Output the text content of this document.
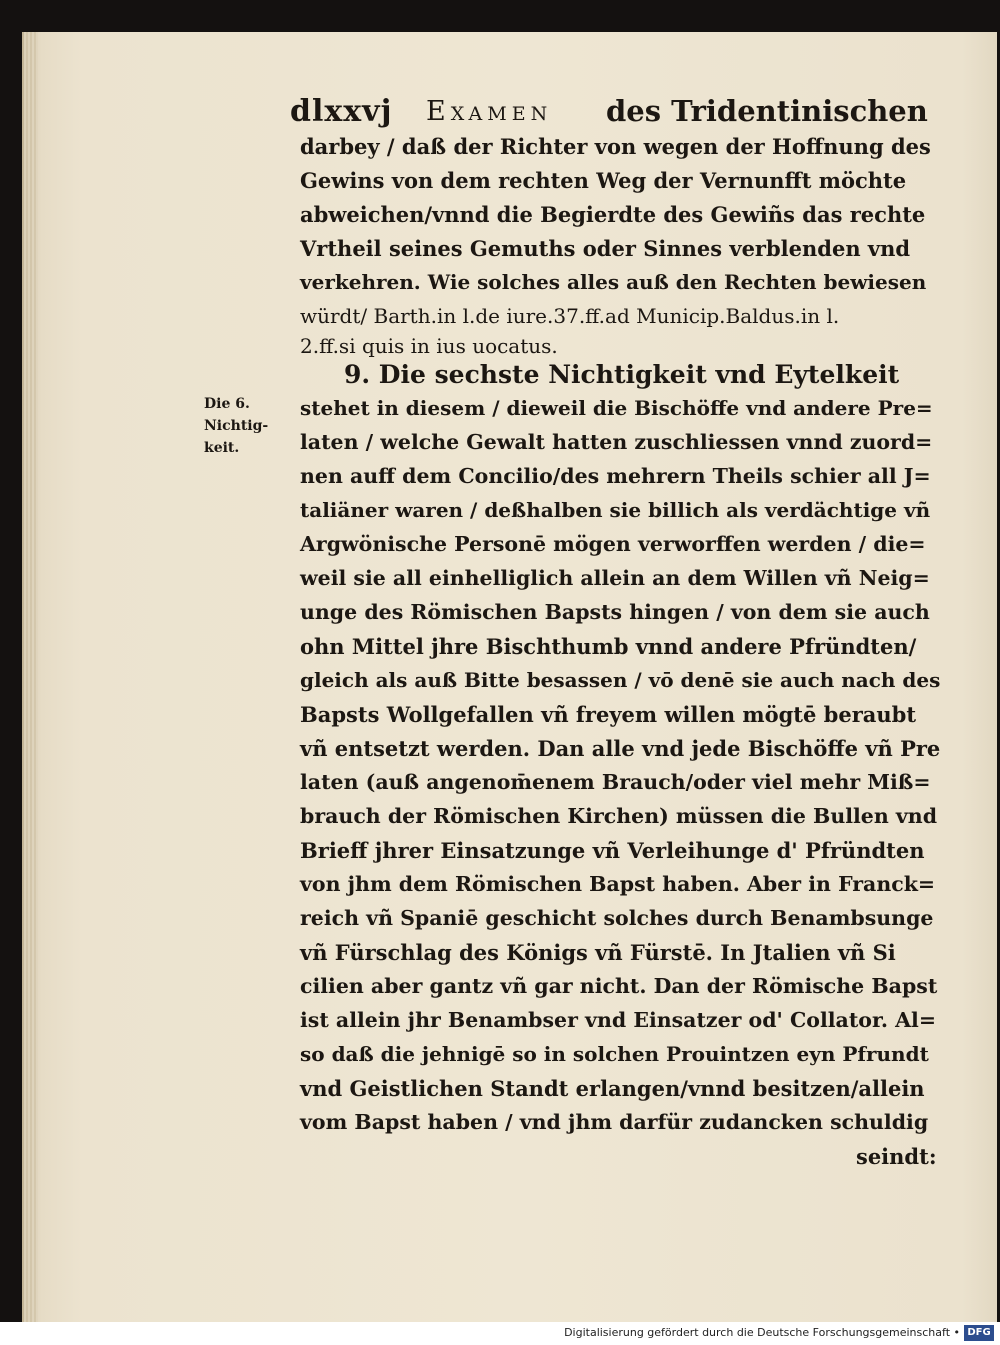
dlxxvj Examen des Tridentinischen
Die 6.
Nichtig-
keit.
darbey / daß der Richter von wegen der Hoffnung des
Gewins von dem rechten Weg der Vernunfft möchte
abweichen/vnnd die Begierdte des Gewiñs das rechte
Vrtheil seines Gemuths oder Sinnes verblenden vnd
verkehren. Wie solches alles auß den Rechten bewiesen
würdt/ Barth.in l.de iure.37.ff.ad Municip.Baldus.in l.
2.ff.si quis in ius uocatus.
9. Die sechste Nichtigkeit vnd Eytelkeit
stehet in diesem / dieweil die Bischöffe vnd andere Pre=
laten / welche Gewalt hatten zuschliessen vnnd zuord=
nen auff dem Concilio/des mehrern Theils schier all J=
taliäner waren / deßhalben sie billich als verdächtige vñ
Argwönische Personē mögen verworffen werden / die=
weil sie all einhelliglich allein an dem Willen vñ Neig=
unge des Römischen Bapsts hingen / von dem sie auch
ohn Mittel jhre Bischthumb vnnd andere Pfründten/
gleich als auß Bitte besassen / vō denē sie auch nach des
Bapsts Wollgefallen vñ freyem willen mögtē beraubt
vñ entsetzt werden. Dan alle vnd jede Bischöffe vñ Pre
laten (auß angenom̄enem Brauch/oder viel mehr Miß=
brauch der Römischen Kirchen) müssen die Bullen vnd
Brieff jhrer Einsatzunge vñ Verleihunge d' Pfründten
von jhm dem Römischen Bapst haben. Aber in Franck=
reich vñ Spaniē geschicht solches durch Benambsunge
vñ Fürschlag des Königs vñ Fürstē. In Jtalien vñ Si
cilien aber gantz vñ gar nicht. Dan der Römische Bapst
ist allein jhr Benambser vnd Einsatzer od' Collator. Al=
so daß die jehnigē so in solchen Prouintzen eyn Pfrundt
vnd Geistlichen Standt erlangen/vnnd besitzen/allein
vom Bapst haben / vnd jhm darfür zudancken schuldig
seindt:
Digitalisierung gefördert durch die Deutsche Forschungsgemeinschaft • DFG
